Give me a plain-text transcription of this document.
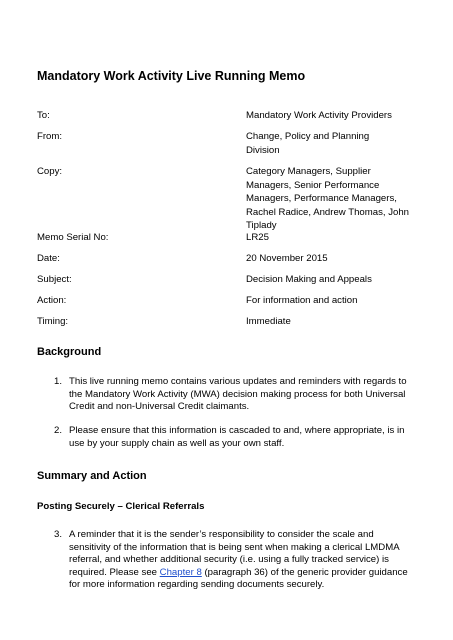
Mandatory Work Activity Live Running Memo
To:	Mandatory Work Activity Providers
From:	Change, Policy and Planning Division
Copy:	Category Managers, Supplier Managers, Senior Performance Managers, Performance Managers, Rachel Radice, Andrew Thomas, John Tiplady
Memo Serial No:	LR25
Date:	20 November 2015
Subject:	Decision Making and Appeals
Action:	For information and action
Timing:	Immediate
Background
1. This live running memo contains various updates and reminders with regards to the Mandatory Work Activity (MWA) decision making process for both Universal Credit and non-Universal Credit claimants.
2. Please ensure that this information is cascaded to and, where appropriate, is in use by your supply chain as well as your own staff.
Summary and Action
Posting Securely – Clerical Referrals
3. A reminder that it is the sender’s responsibility to consider the scale and sensitivity of the information that is being sent when making a clerical LMDMA referral, and whether additional security (i.e. using a fully tracked service) is required. Please see Chapter 8 (paragraph 36) of the generic provider guidance for more information regarding sending documents securely.
